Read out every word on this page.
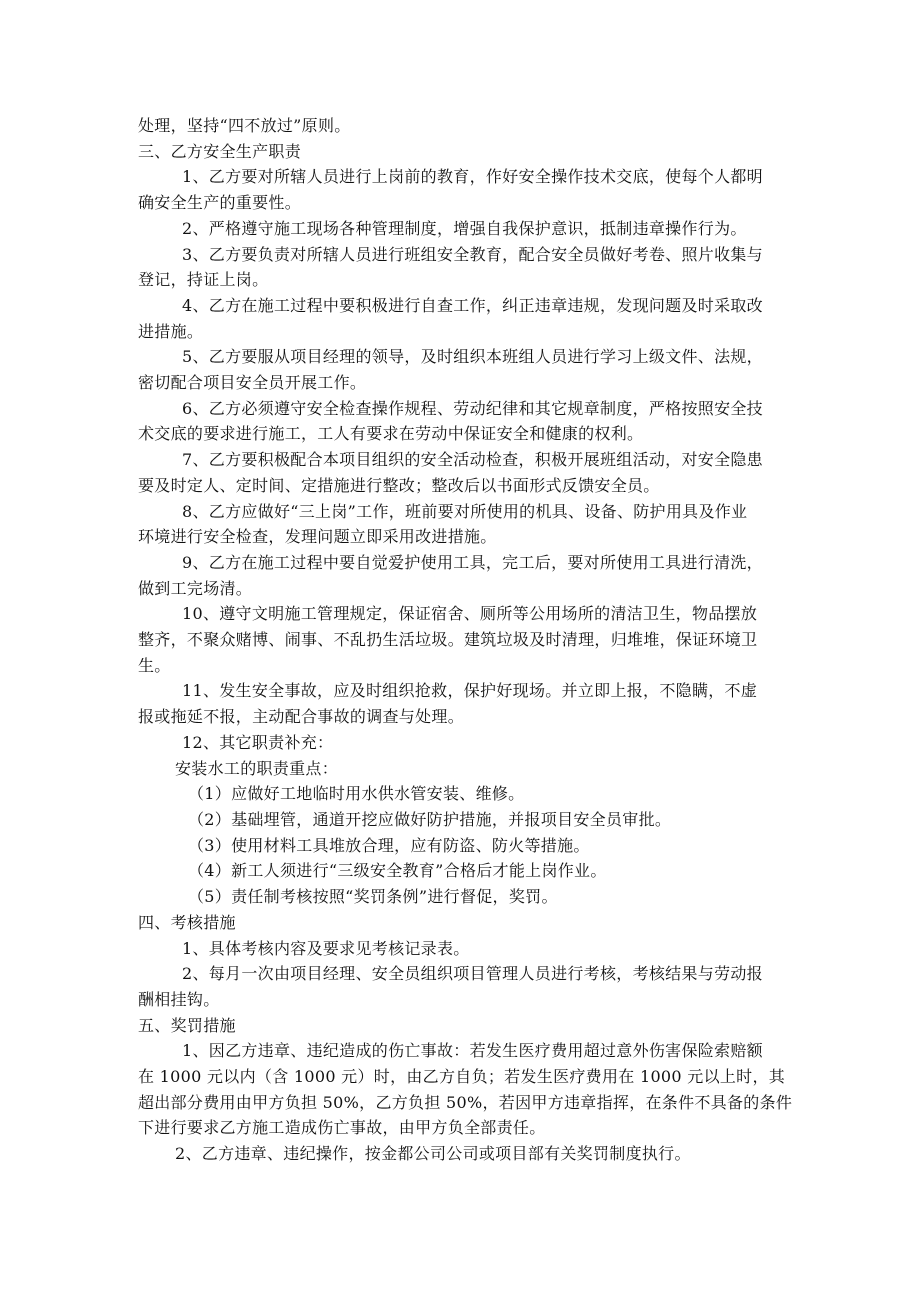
处理，坚持“四不放过”原则。
三、乙方安全生产职责
1、乙方要对所辖人员进行上岗前的教育，作好安全操作技术交底，使每个人都明
确安全生产的重要性。
2、严格遵守施工现场各种管理制度，增强自我保护意识，抵制违章操作行为。
3、乙方要负责对所辖人员进行班组安全教育，配合安全员做好考卷、照片收集与
登记，持证上岗。
4、乙方在施工过程中要积极进行自查工作，纠正违章违规，发现问题及时采取改
进措施。
5、乙方要服从项目经理的领导，及时组织本班组人员进行学习上级文件、法规，
密切配合项目安全员开展工作。
6、乙方必须遵守安全检查操作规程、劳动纪律和其它规章制度，严格按照安全技
术交底的要求进行施工，工人有要求在劳动中保证安全和健康的权利。
7、乙方要积极配合本项目组织的安全活动检查，积极开展班组活动，对安全隐患
要及时定人、定时间、定措施进行整改；整改后以书面形式反馈安全员。
8、乙方应做好“三上岗”工作，班前要对所使用的机具、设备、防护用具及作业
环境进行安全检查，发理问题立即采用改进措施。
9、乙方在施工过程中要自觉爱护使用工具，完工后，要对所使用工具进行清洗，
做到工完场清。
10、遵守文明施工管理规定，保证宿舍、厕所等公用场所的清洁卫生，物品摆放
整齐，不聚众赌博、闹事、不乱扔生活垃圾。建筑垃圾及时清理，归堆堆，保证环境卫
生。
11、发生安全事故，应及时组织抢救，保护好现场。并立即上报，不隐瞒，不虚
报或拖延不报，主动配合事故的调查与处理。
12、其它职责补充：
安装水工的职责重点：
（1）应做好工地临时用水供水管安装、维修。
（2）基础埋管，通道开挖应做好防护措施，并报项目安全员审批。
（3）使用材料工具堆放合理，应有防盗、防火等措施。
（4）新工人须进行“三级安全教育”合格后才能上岗作业。
（5）责任制考核按照“奖罚条例”进行督促，奖罚。
四、考核措施
1、具体考核内容及要求见考核记录表。
2、每月一次由项目经理、安全员组织项目管理人员进行考核，考核结果与劳动报
酬相挂钩。
五、奖罚措施
1、因乙方违章、违纪造成的伤亡事故：若发生医疗费用超过意外伤害保险索赔额
在 1000 元以内（含 1000 元）时，由乙方自负；若发生医疗费用在 1000 元以上时，其
超出部分费用由甲方负担 50%，乙方负担 50%，若因甲方违章指挥，在条件不具备的条件
下进行要求乙方施工造成伤亡事故，由甲方负全部责任。
2、乙方违章、违纪操作，按金都公司公司或项目部有关奖罚制度执行。
